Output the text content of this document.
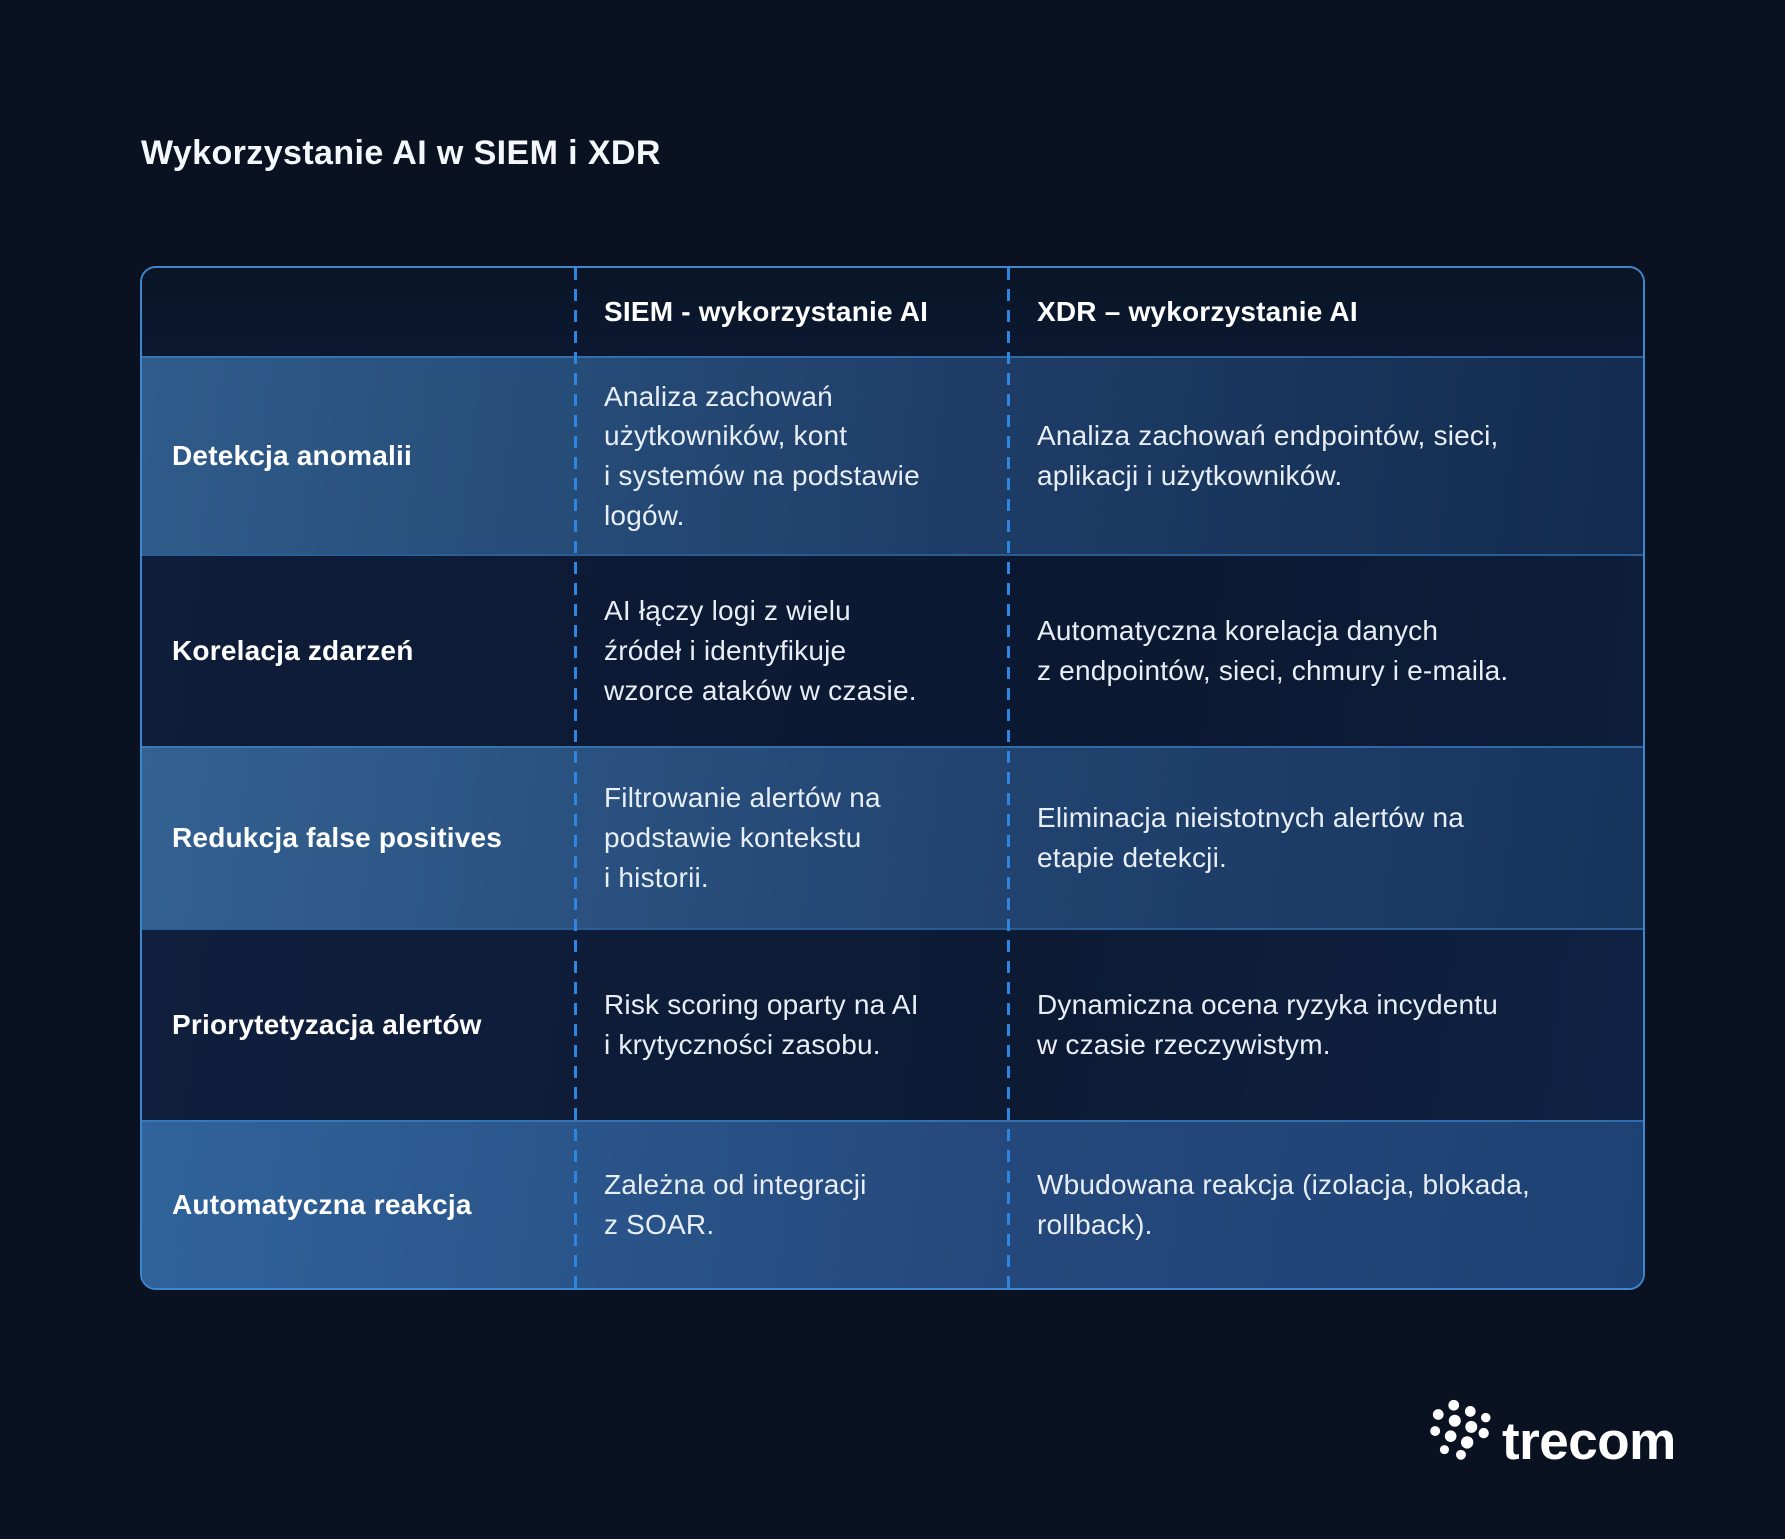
Wykorzystanie AI w SIEM i XDR
SIEM - wykorzystanie AI	XDR – wykorzystanie AI
Detekcja anomalii
Analiza zachowań
użytkowników, kont
i systemów na podstawie
logów.
Analiza zachowań endpointów, sieci,
aplikacji i użytkowników.
Korelacja zdarzeń
AI łączy logi z wielu
źródeł i identyfikuje
wzorce ataków w czasie.
Automatyczna korelacja danych
z endpointów, sieci, chmury i e-maila.
Redukcja false positives
Filtrowanie alertów na
podstawie kontekstu
i historii.
Eliminacja nieistotnych alertów na
etapie detekcji.
Priorytetyzacja alertów
Risk scoring oparty na AI
i krytyczności zasobu.
Dynamiczna ocena ryzyka incydentu
w czasie rzeczywistym.
Automatyczna reakcja
Zależna od integracji
z SOAR.
Wbudowana reakcja (izolacja, blokada,
rollback).
trecom
